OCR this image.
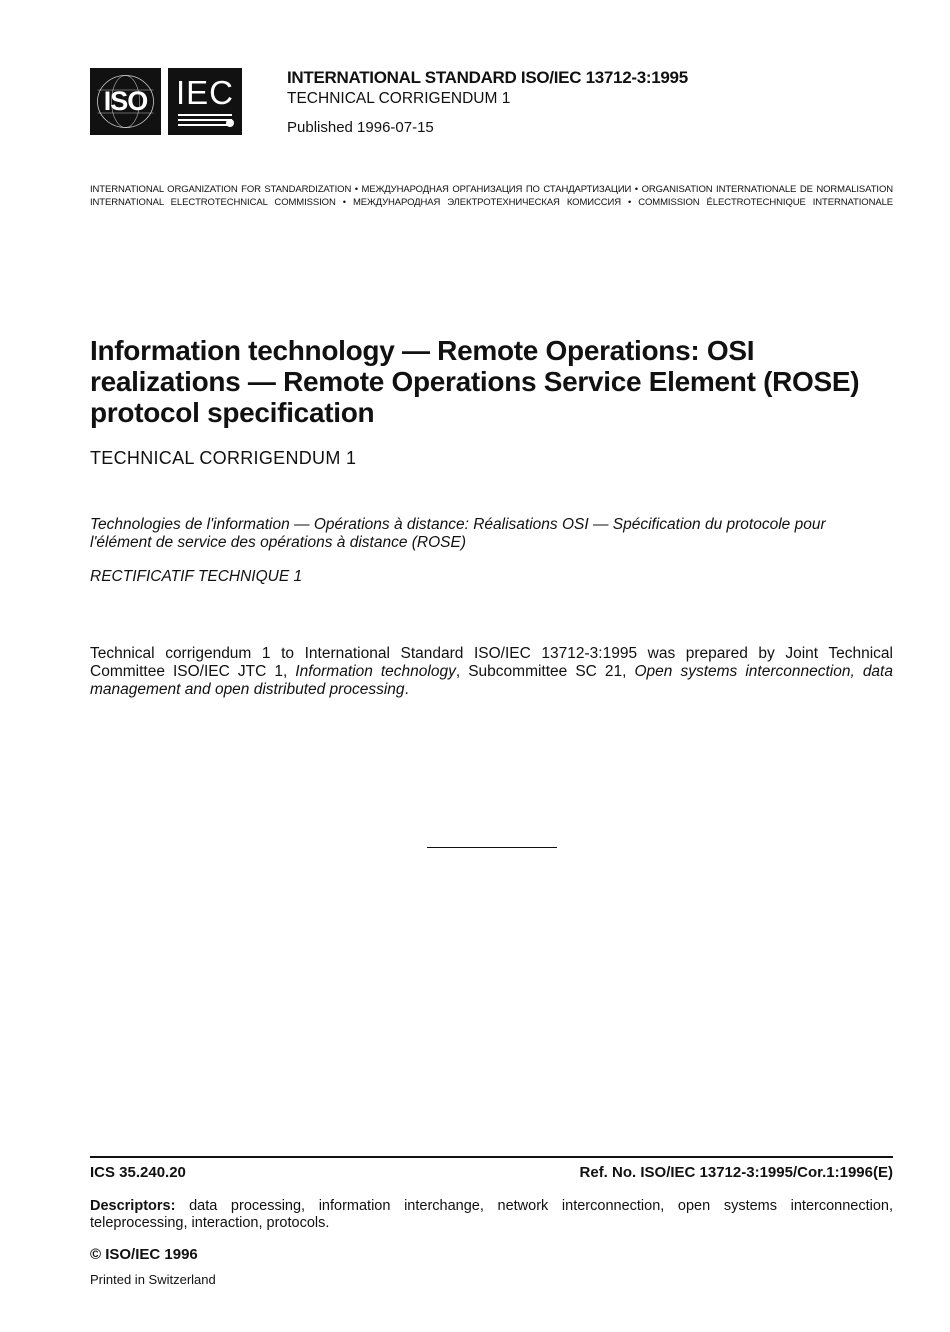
ISO IEC	INTERNATIONAL STANDARD ISO/IEC 13712-3:1995
TECHNICAL CORRIGENDUM 1
Published 1996-07-15
INTERNATIONAL ORGANIZATION FOR STANDARDIZATION • МЕЖДУНАРОДНАЯ ОРГАНИЗАЦИЯ ПО СТАНДАРТИЗАЦИИ • ORGANISATION INTERNATIONALE DE NORMALISATION
INTERNATIONAL ELECTROTECHNICAL COMMISSION • МЕЖДУНАРОДНАЯ ЭЛЕКТРОТЕХНИЧЕСКАЯ КОМИССИЯ • COMMISSION ÉLECTROTECHNIQUE INTERNATIONALE
Information technology — Remote Operations: OSI realizations — Remote Operations Service Element (ROSE) protocol specification
TECHNICAL CORRIGENDUM 1
Technologies de l'information — Opérations à distance: Réalisations OSI — Spécification du protocole pour l'élément de service des opérations à distance (ROSE)
RECTIFICATIF TECHNIQUE 1
Technical corrigendum 1 to International Standard ISO/IEC 13712-3:1995 was prepared by Joint Technical Committee ISO/IEC JTC 1, Information technology, Subcommittee SC 21, Open systems interconnection, data management and open distributed processing.
ICS 35.240.20	Ref. No. ISO/IEC 13712-3:1995/Cor.1:1996(E)
Descriptors: data processing, information interchange, network interconnection, open systems interconnection, teleprocessing, interaction, protocols.
© ISO/IEC 1996
Printed in Switzerland
